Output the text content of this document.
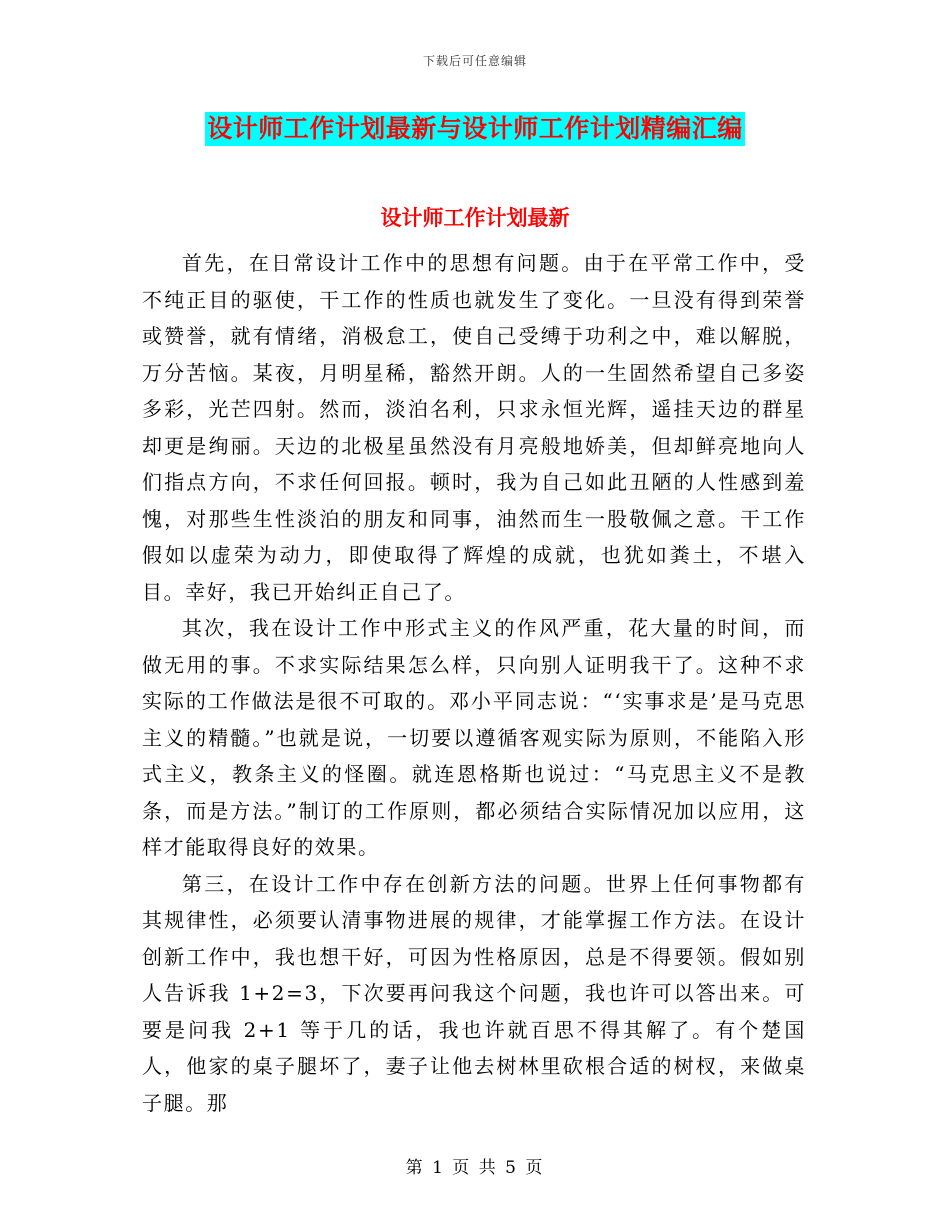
下载后可任意编辑
设计师工作计划最新与设计师工作计划精编汇编
设计师工作计划最新

首先，在日常设计工作中的思想有问题。由于在平常工作中，受不纯正目的驱使，干工作的性质也就发生了变化。一旦没有得到荣誉或赞誉，就有情绪，消极怠工，使自己受缚于功利之中，难以解脱，万分苦恼。某夜，月明星稀，豁然开朗。人的一生固然希望自己多姿多彩，光芒四射。然而，淡泊名利，只求永恒光辉，遥挂天边的群星却更是绚丽。天边的北极星虽然没有月亮般地娇美，但却鲜亮地向人们指点方向，不求任何回报。顿时，我为自己如此丑陋的人性感到羞愧，对那些生性淡泊的朋友和同事，油然而生一股敬佩之意。干工作假如以虚荣为动力，即使取得了辉煌的成就，也犹如粪土，不堪入目。幸好，我已开始纠正自己了。

其次，我在设计工作中形式主义的作风严重，花大量的时间，而做无用的事。不求实际结果怎么样，只向别人证明我干了。这种不求实际的工作做法是很不可取的。邓小平同志说：“‘实事求是’是马克思主义的精髓。”也就是说，一切要以遵循客观实际为原则，不能陷入形式主义，教条主义的怪圈。就连恩格斯也说过：“马克思主义不是教条，而是方法。”制订的工作原则，都必须结合实际情况加以应用，这样才能取得良好的效果。

第三，在设计工作中存在创新方法的问题。世界上任何事物都有其规律性，必须要认清事物进展的规律，才能掌握工作方法。在设计创新工作中，我也想干好，可因为性格原因，总是不得要领。假如别人告诉我 1+2=3，下次要再问我这个问题，我也许可以答出来。可要是问我 2+1 等于几的话，我也许就百思不得其解了。有个楚国人，他家的桌子腿坏了，妻子让他去树林里砍根合适的树杈，来做桌子腿。那

第 1 页 共 5 页
